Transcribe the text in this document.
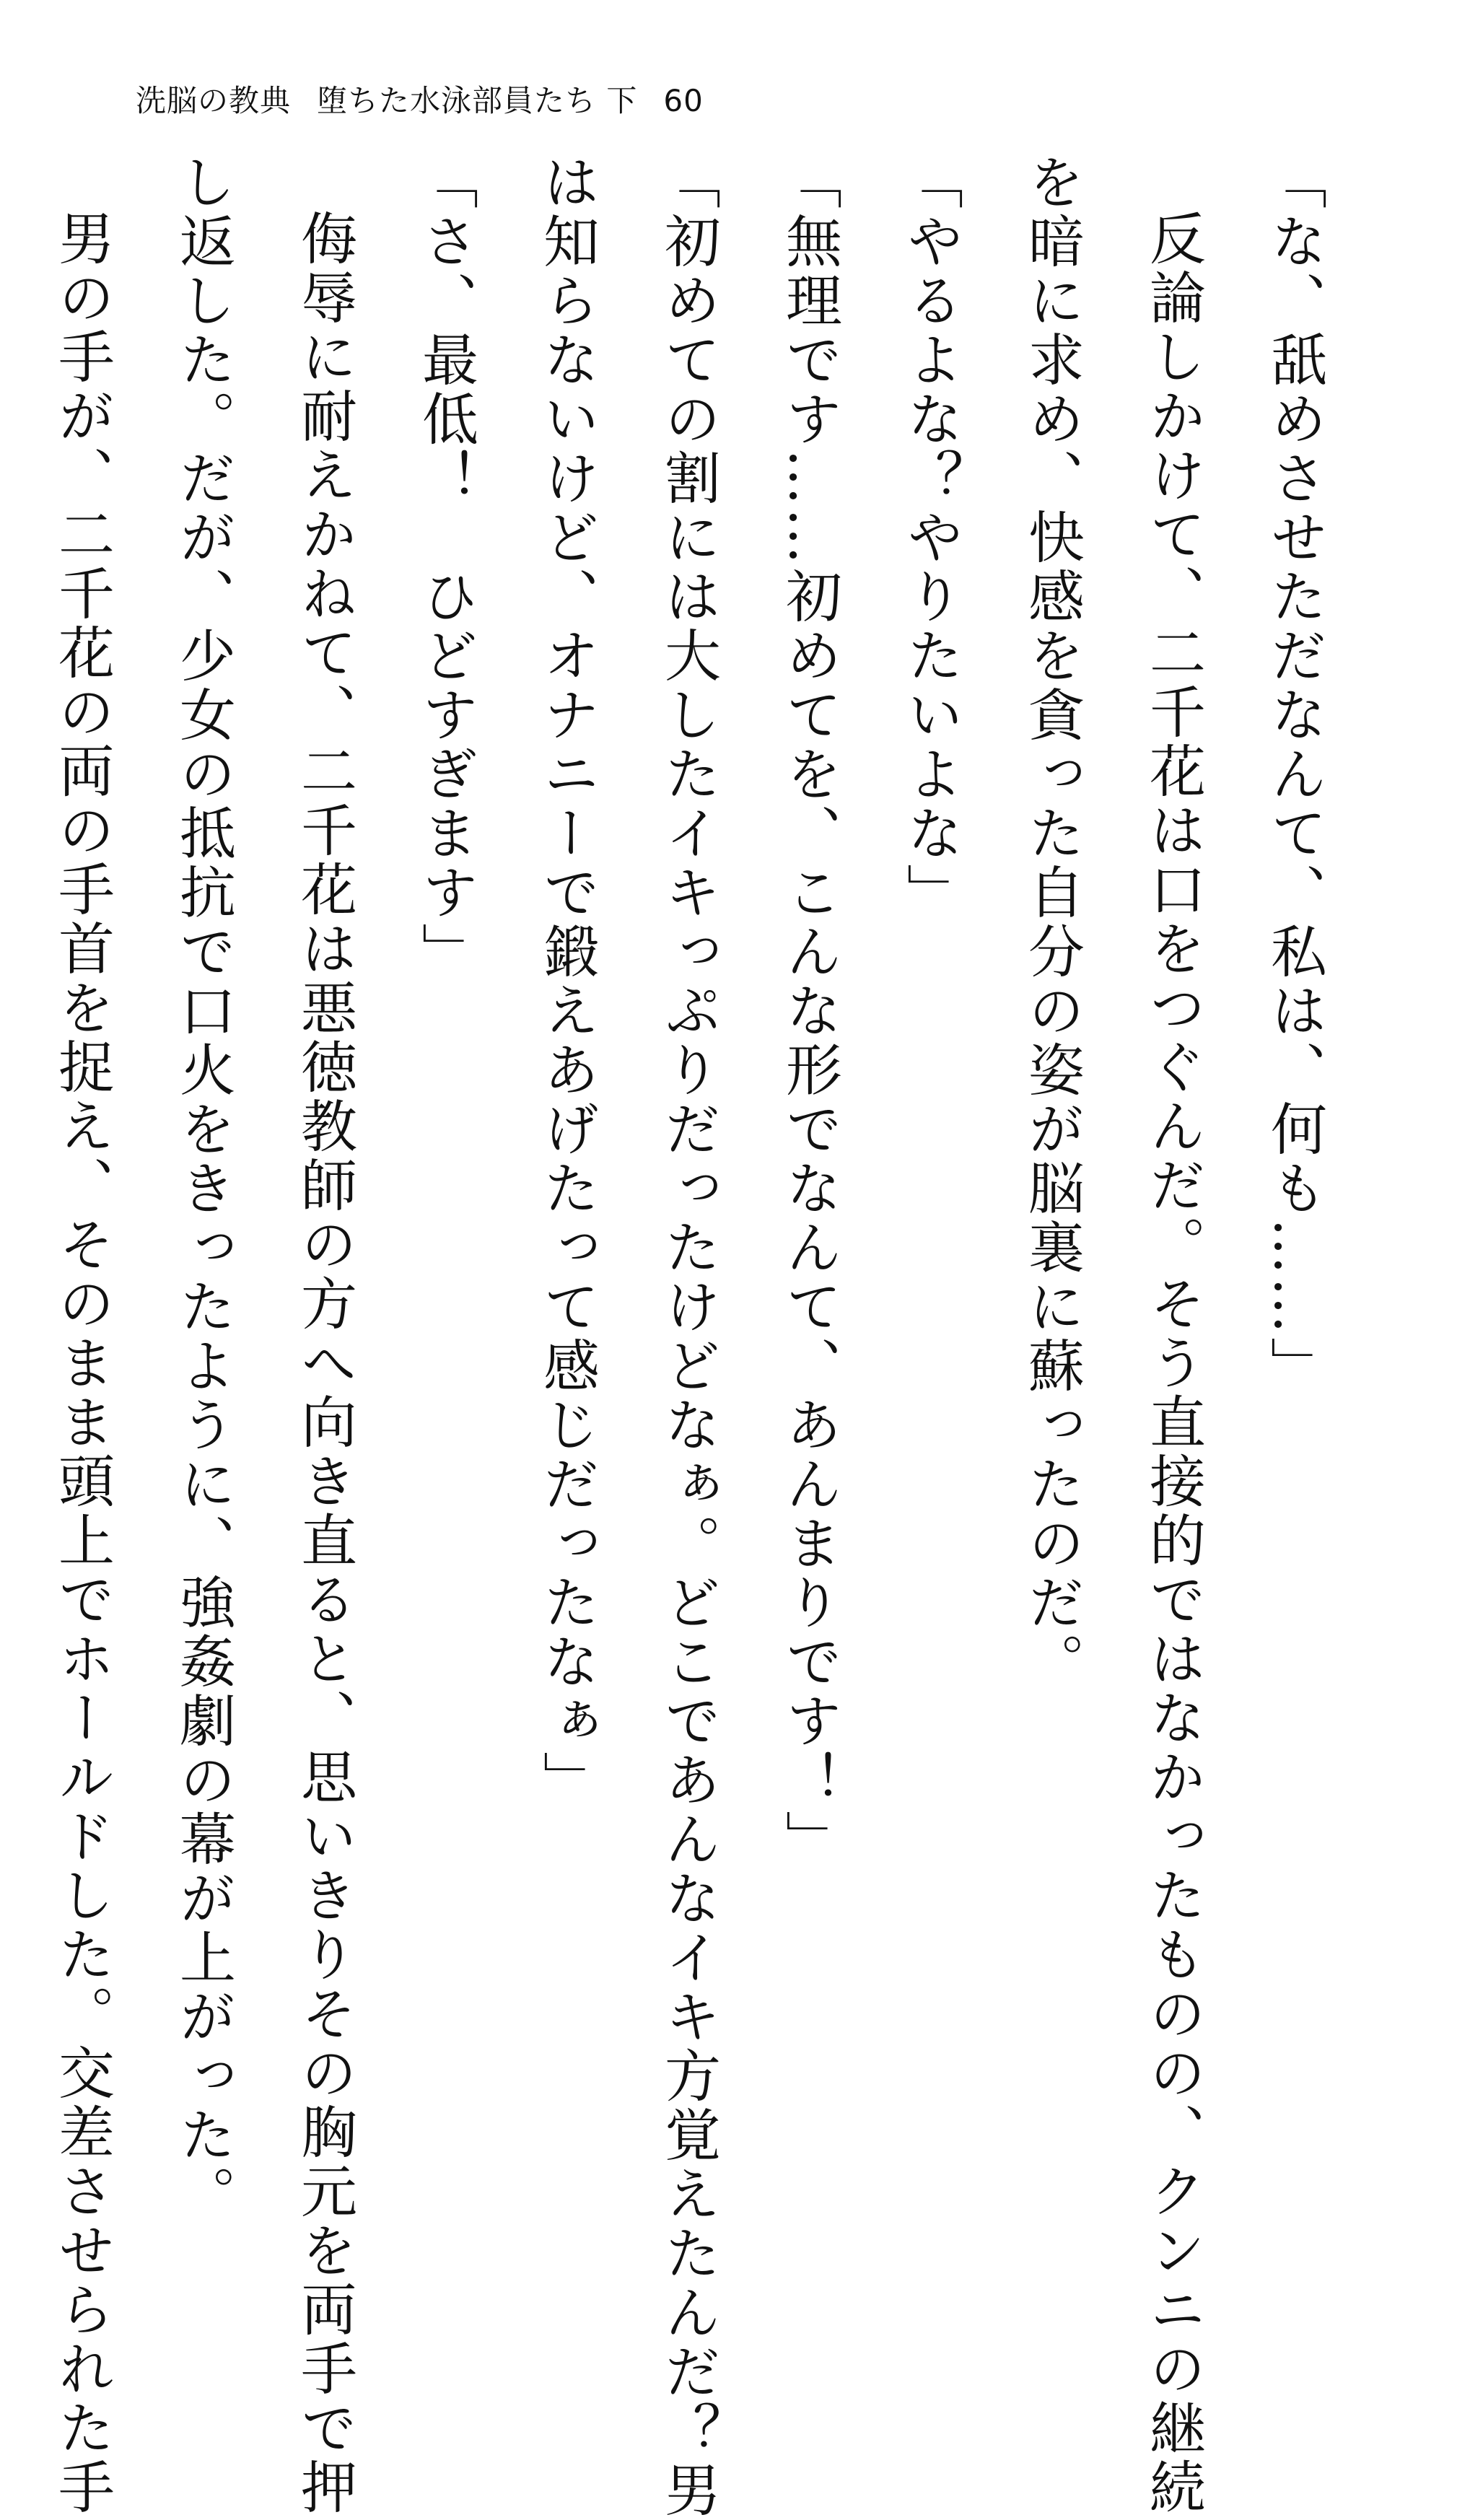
洗脳の教典 堕ちた水泳部員たち 下 60

「な、舐めさせただなんて、私は、何も……」

反論しかけて、二千花は口をつぐんだ。そう直接的ではなかったものの、クンニの継続

を暗に求め、快感を貪った自分の姿が脳裏に蘇ったのだ。

「やるよな？やりたいよな」

「無理です……初めてを、こんな形でなんて、あんまりです！」

「初めての割には大したイキっぷりだったけどなぁ。どこであんなイキ方覚えたんだ？男

は知らないけど、オナニーで鍛えあげたって感じだったなぁ」

「さ、最低！　ひどすぎます」

侮辱に耐えかねて、二千花は悪徳教師の方へ向き直ると、思いきりその胸元を両手で押

し返した。だが、少女の抵抗で口火をきったように、強姦劇の幕が上がった。

男の手が、二千花の両の手首を捉え、そのまま頭上でホールドした。交差させられた手
